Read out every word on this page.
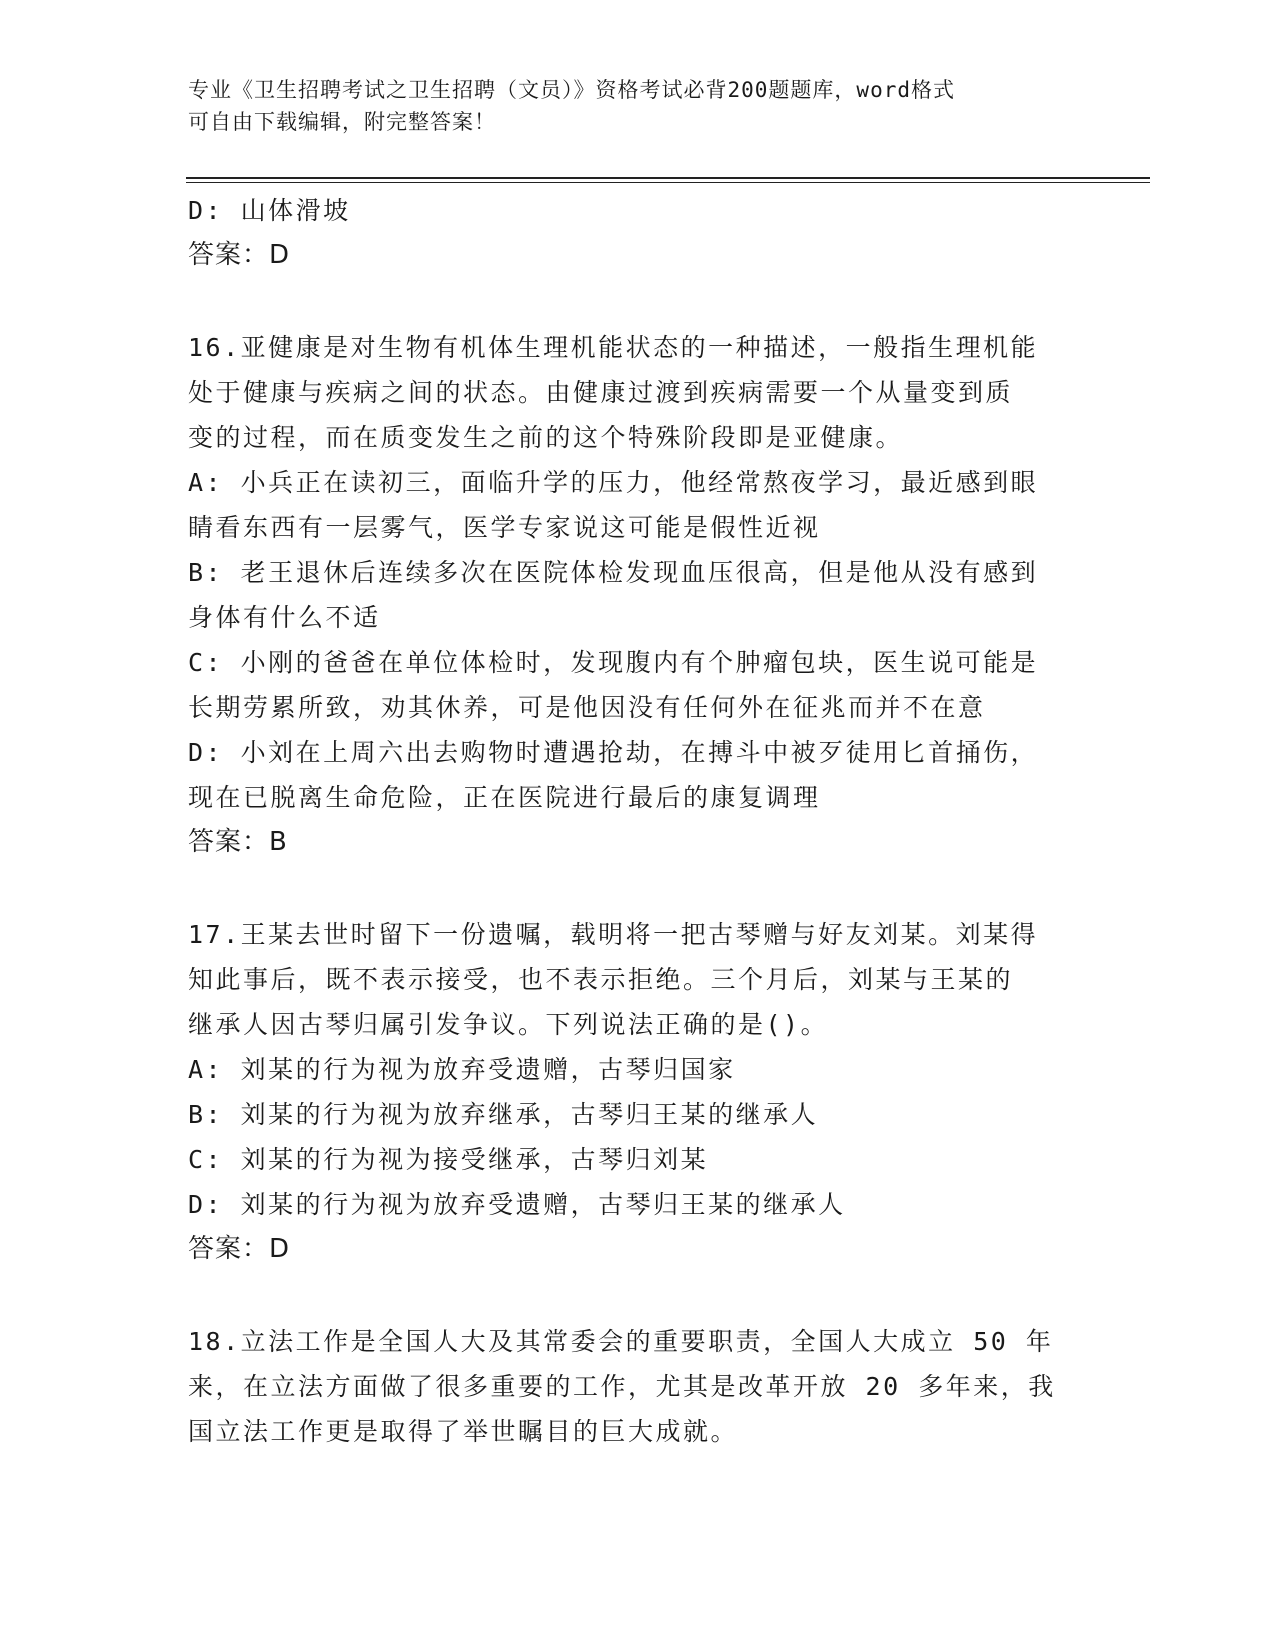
专业《卫生招聘考试之卫生招聘（文员）》资格考试必背200题题库，word格式
可自由下载编辑，附完整答案！
D: 山体滑坡
答案：D
16.亚健康是对生物有机体生理机能状态的一种描述，一般指生理机能
处于健康与疾病之间的状态。由健康过渡到疾病需要一个从量变到质
变的过程，而在质变发生之前的这个特殊阶段即是亚健康。
A: 小兵正在读初三，面临升学的压力，他经常熬夜学习，最近感到眼
睛看东西有一层雾气，医学专家说这可能是假性近视
B: 老王退休后连续多次在医院体检发现血压很高，但是他从没有感到
身体有什么不适
C: 小刚的爸爸在单位体检时，发现腹内有个肿瘤包块，医生说可能是
长期劳累所致，劝其休养，可是他因没有任何外在征兆而并不在意
D: 小刘在上周六出去购物时遭遇抢劫，在搏斗中被歹徒用匕首捅伤，
现在已脱离生命危险，正在医院进行最后的康复调理
答案：B
17.王某去世时留下一份遗嘱，载明将一把古琴赠与好友刘某。刘某得
知此事后，既不表示接受，也不表示拒绝。三个月后，刘某与王某的
继承人因古琴归属引发争议。下列说法正确的是()。
A: 刘某的行为视为放弃受遗赠，古琴归国家
B: 刘某的行为视为放弃继承，古琴归王某的继承人
C: 刘某的行为视为接受继承，古琴归刘某
D: 刘某的行为视为放弃受遗赠，古琴归王某的继承人
答案：D
18.立法工作是全国人大及其常委会的重要职责，全国人大成立 50 年
来，在立法方面做了很多重要的工作，尤其是改革开放 20 多年来，我
国立法工作更是取得了举世瞩目的巨大成就。
